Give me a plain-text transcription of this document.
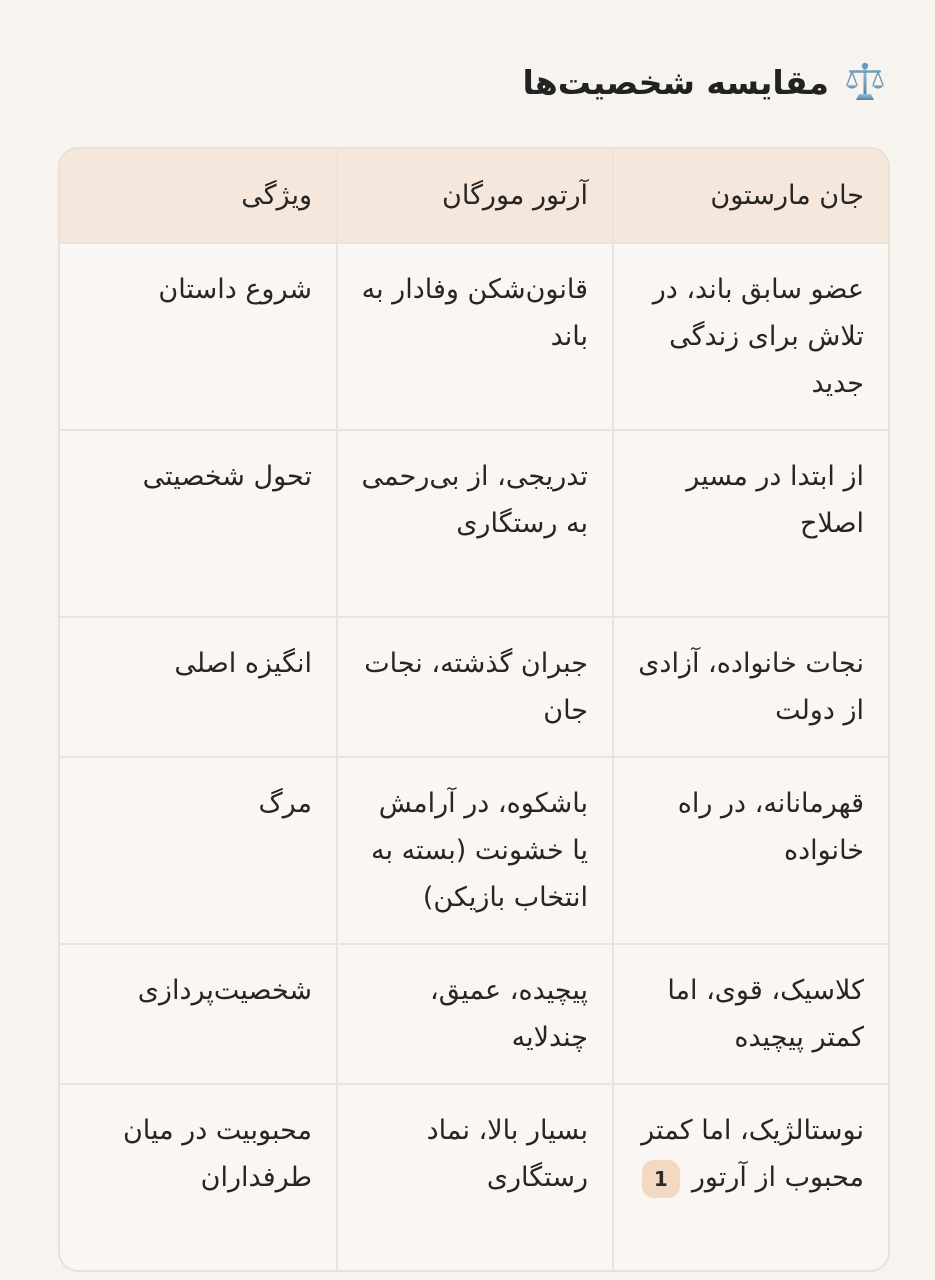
مقایسه شخصیت‌ها
جان مارستون	آرتور مورگان	ویژگی
عضو سابق باند، در تلاش برای زندگی جدید	قانون‌شکن وفادار به باند	شروع داستان
از ابتدا در مسیر اصلاح	تدریجی، از بی‌رحمی به رستگاری	تحول شخصیتی
نجات خانواده، آزادی از دولت	جبران گذشته، نجات جان	انگیزه اصلی
قهرمانانه، در راه خانواده	باشکوه، در آرامش یا خشونت (بسته به انتخاب بازیکن)	مرگ
کلاسیک، قوی، اما کمتر پیچیده	پیچیده، عمیق، چندلایه	شخصیت‌پردازی
نوستالژیک، اما کمتر محبوب از آرتور1	بسیار بالا، نماد رستگاری	محبوبیت در میان طرفداران
